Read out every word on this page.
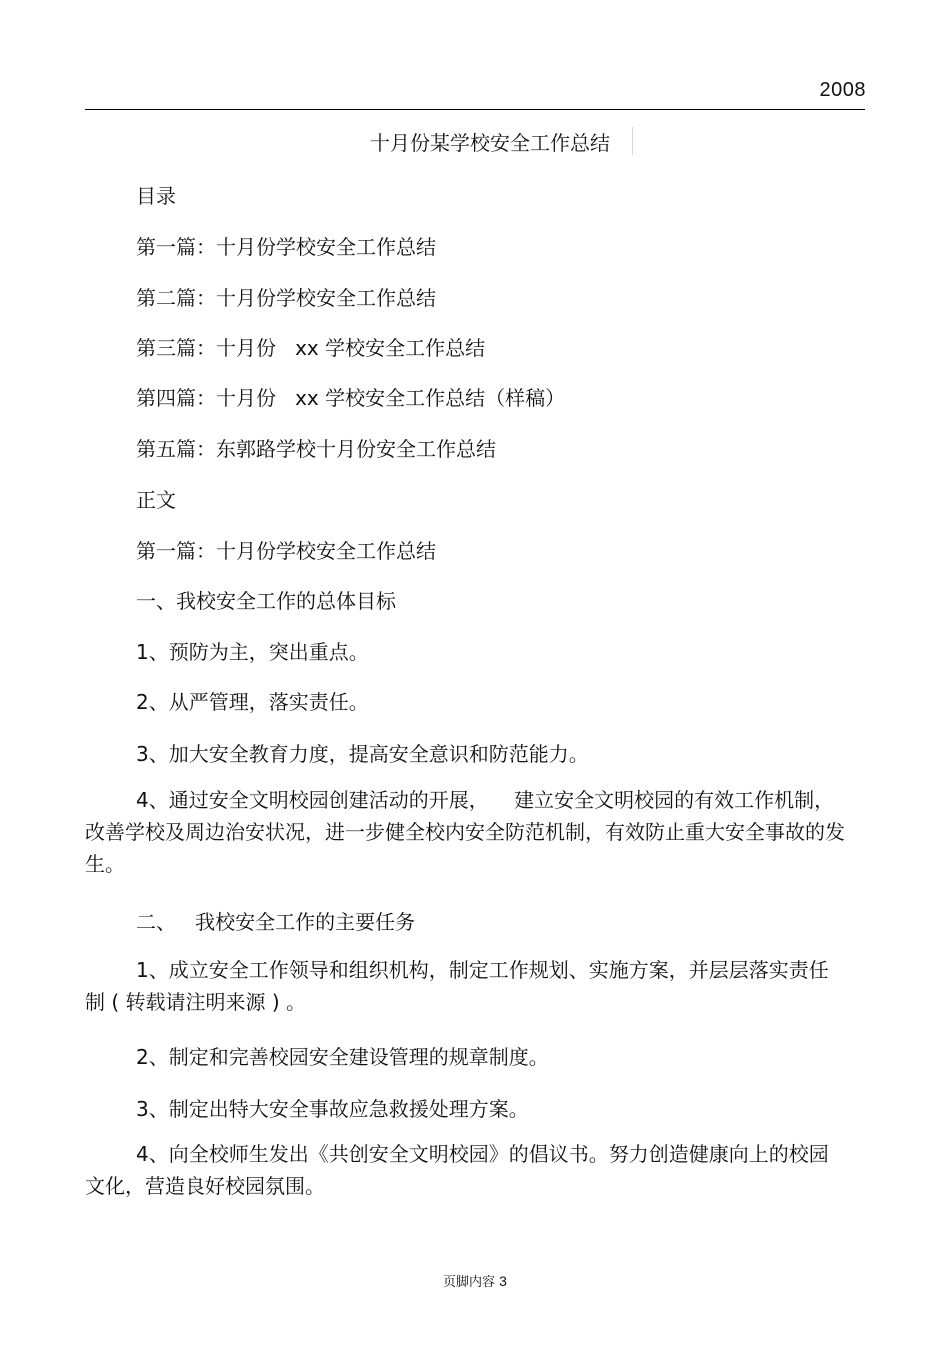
2008
十月份某学校安全工作总结
目录
第一篇：十月份学校安全工作总结
第二篇：十月份学校安全工作总结
第三篇：十月份   xx 学校安全工作总结
第四篇：十月份   xx 学校安全工作总结（样稿）
第五篇：东郭路学校十月份安全工作总结
正文
第一篇：十月份学校安全工作总结
一、我校安全工作的总体目标
1、预防为主，突出重点。
2、从严管理，落实责任。
3、加大安全教育力度，提高安全意识和防范能力。
4、通过安全文明校园创建活动的开展，    建立安全文明校园的有效工作机制，改善学校及周边治安状况，进一步健全校内安全防范机制，有效防止重大安全事故的发生。
二、   我校安全工作的主要任务
1、成立安全工作领导和组织机构，制定工作规划、实施方案，并层层落实责任制 ( 转载请注明来源 ) 。
2、制定和完善校园安全建设管理的规章制度。
3、制定出特大安全事故应急救援处理方案。
4、向全校师生发出《共创安全文明校园》的倡议书。努力创造健康向上的校园文化，营造良好校园氛围。
页脚内容 3
